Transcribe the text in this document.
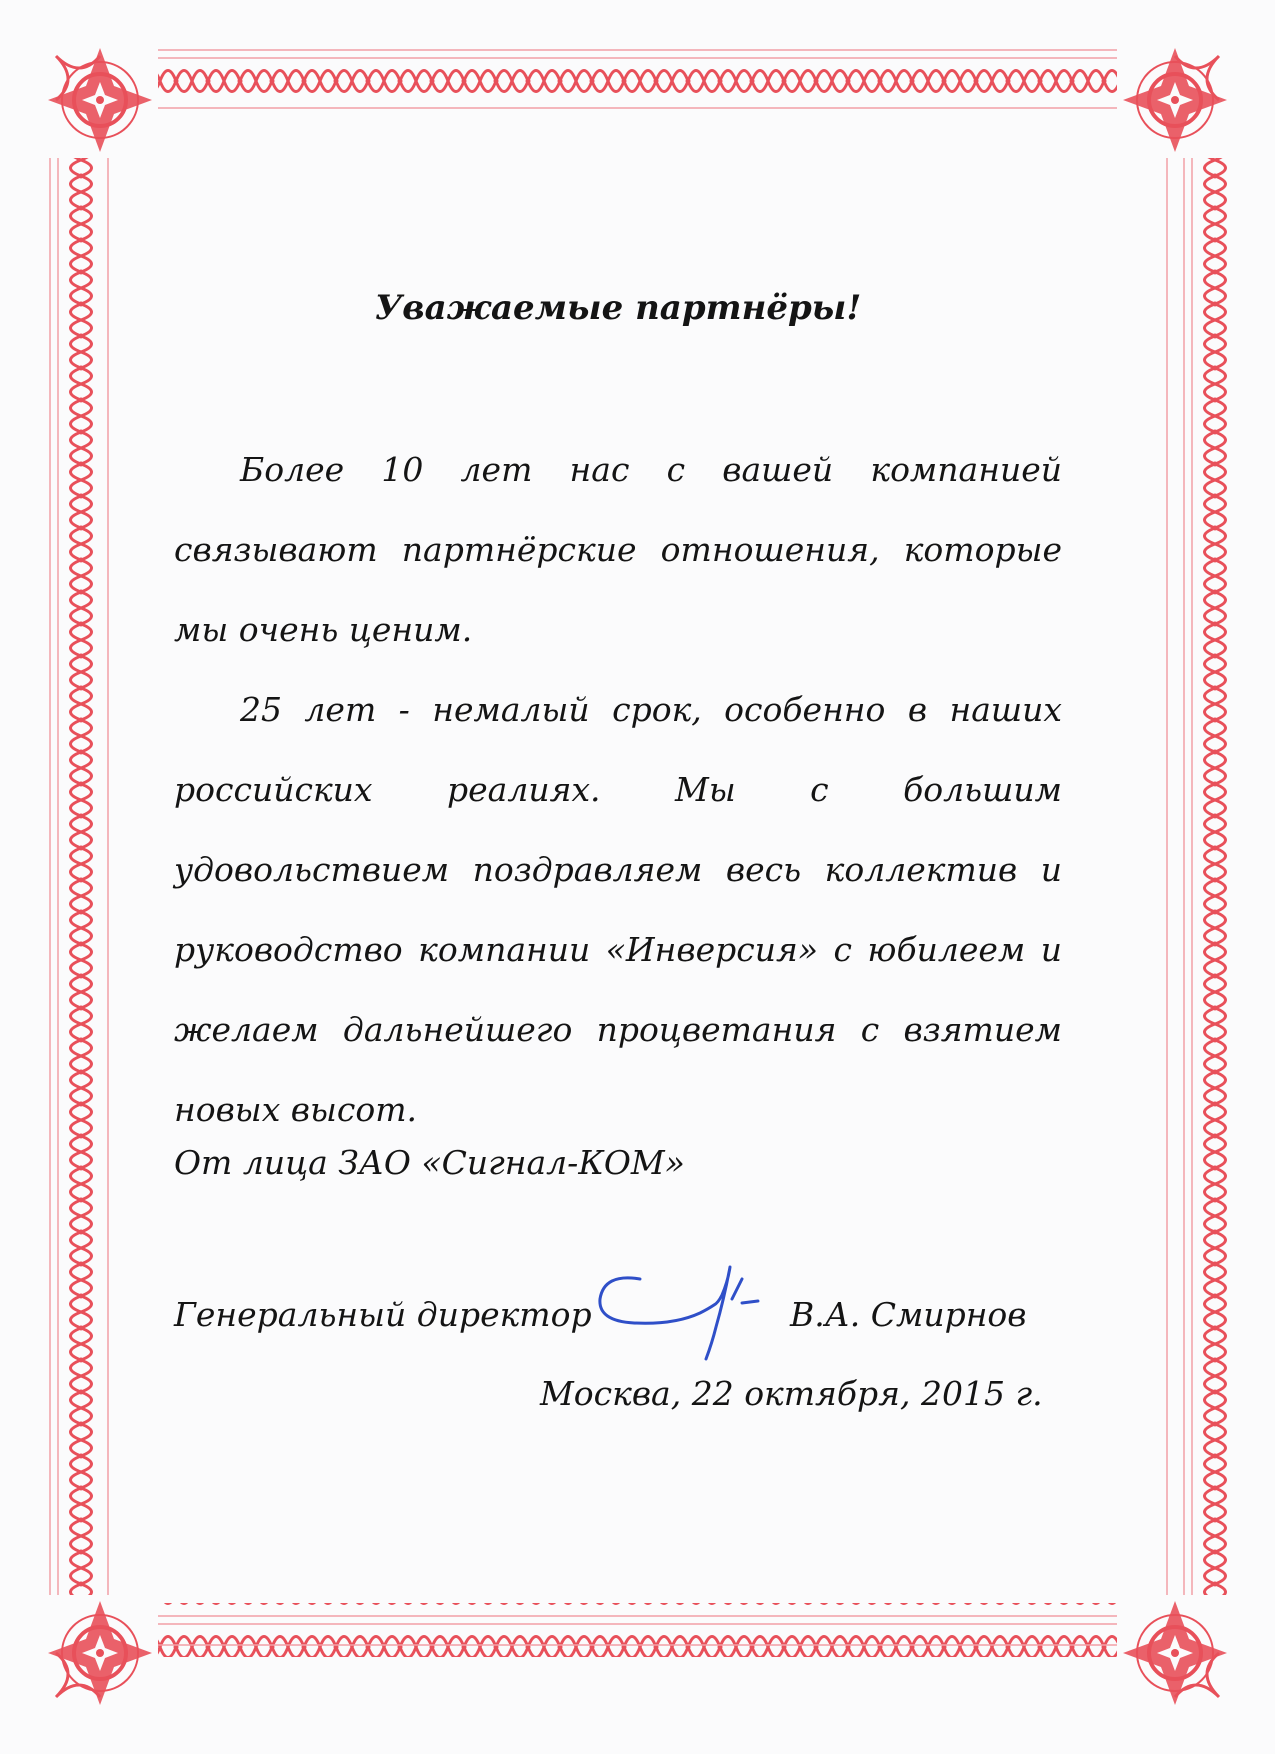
Уважаемые партнёры!

Более 10 лет нас с вашей компанией связывают партнёрские отношения, которые мы очень ценим.

25 лет - немалый срок, особенно в наших российских реалиях. Мы с большим удовольствием поздравляем весь коллектив и руководство компании «Инверсия» с юбилеем и желаем дальнейшего процветания с взятием новых высот.

От лица ЗАО «Сигнал-КОМ»
Генеральный директор	В.А. Смирнов
Москва, 22 октября, 2015 г.
